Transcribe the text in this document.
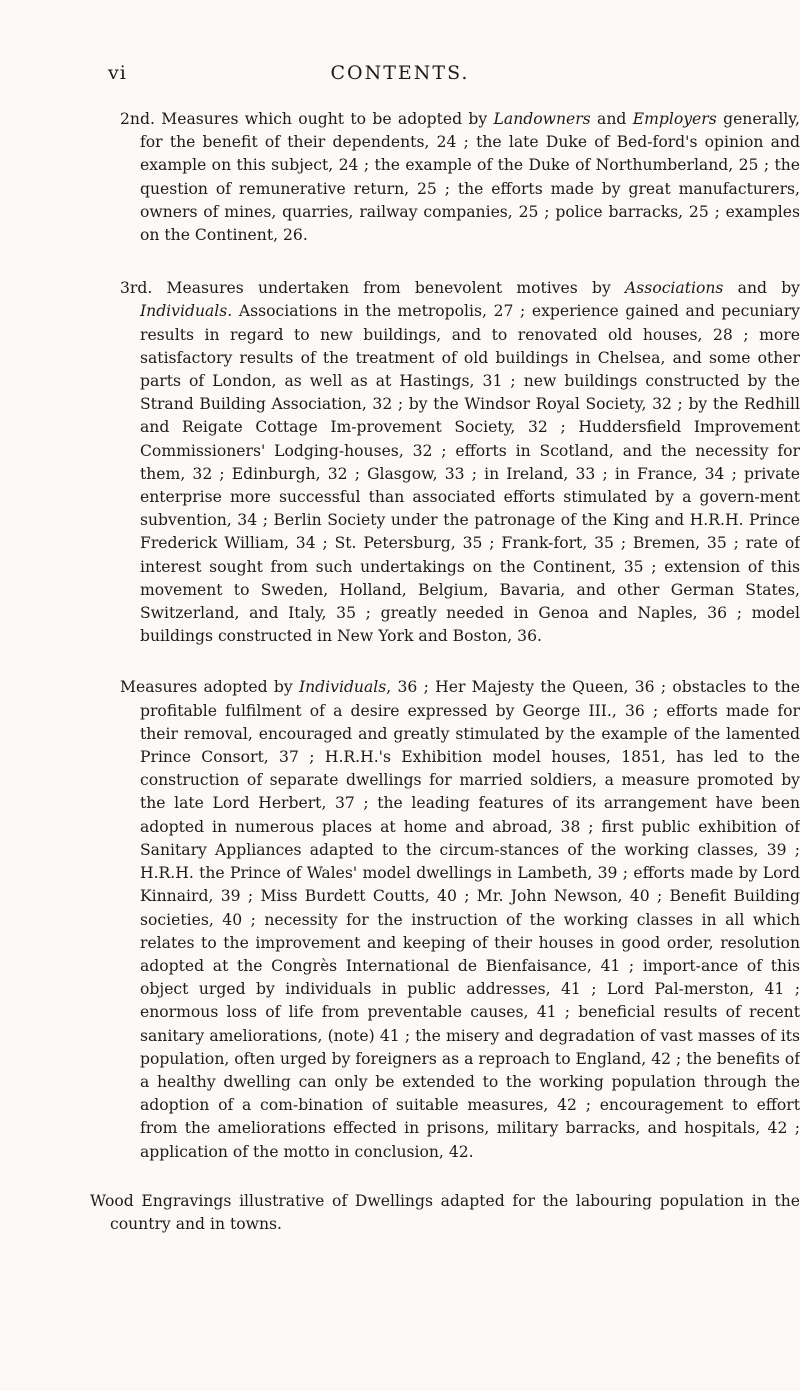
vi	CONTENTS.

2nd. Measures which ought to be adopted by Landowners and Employers generally, for the benefit of their dependents, 24 ; the late Duke of Bed-ford's opinion and example on this subject, 24 ; the example of the Duke of Northumberland, 25 ; the question of remunerative return, 25 ; the efforts made by great manufacturers, owners of mines, quarries, railway companies, 25 ; police barracks, 25 ; examples on the Continent, 26.

3rd. Measures undertaken from benevolent motives by Associations and by Individuals. Associations in the metropolis, 27 ; experience gained and pecuniary results in regard to new buildings, and to renovated old houses, 28 ; more satisfactory results of the treatment of old buildings in Chelsea, and some other parts of London, as well as at Hastings, 31 ; new buildings constructed by the Strand Building Association, 32 ; by the Windsor Royal Society, 32 ; by the Redhill and Reigate Cottage Im-provement Society, 32 ; Huddersfield Improvement Commissioners' Lodging-houses, 32 ; efforts in Scotland, and the necessity for them, 32 ; Edinburgh, 32 ; Glasgow, 33 ; in Ireland, 33 ; in France, 34 ; private enterprise more successful than associated efforts stimulated by a govern-ment subvention, 34 ; Berlin Society under the patronage of the King and H.R.H. Prince Frederick William, 34 ; St. Petersburg, 35 ; Frank-fort, 35 ; Bremen, 35 ; rate of interest sought from such undertakings on the Continent, 35 ; extension of this movement to Sweden, Holland, Belgium, Bavaria, and other German States, Switzerland, and Italy, 35 ; greatly needed in Genoa and Naples, 36 ; model buildings constructed in New York and Boston, 36.

Measures adopted by Individuals, 36 ; Her Majesty the Queen, 36 ; obstacles to the profitable fulfilment of a desire expressed by George III., 36 ; efforts made for their removal, encouraged and greatly stimulated by the example of the lamented Prince Consort, 37 ; H.R.H.'s Exhibition model houses, 1851, has led to the construction of separate dwellings for married soldiers, a measure promoted by the late Lord Herbert, 37 ; the leading features of its arrangement have been adopted in numerous places at home and abroad, 38 ; first public exhibition of Sanitary Appliances adapted to the circum-stances of the working classes, 39 ; H.R.H. the Prince of Wales' model dwellings in Lambeth, 39 ; efforts made by Lord Kinnaird, 39 ; Miss Burdett Coutts, 40 ; Mr. John Newson, 40 ; Benefit Building societies, 40 ; necessity for the instruction of the working classes in all which relates to the improvement and keeping of their houses in good order, resolution adopted at the Congrès International de Bienfaisance, 41 ; import-ance of this object urged by individuals in public addresses, 41 ; Lord Pal-merston, 41 ; enormous loss of life from preventable causes, 41 ; beneficial results of recent sanitary ameliorations, (note) 41 ; the misery and degradation of vast masses of its population, often urged by foreigners as a reproach to England, 42 ; the benefits of a healthy dwelling can only be extended to the working population through the adoption of a com-bination of suitable measures, 42 ; encouragement to effort from the ameliorations effected in prisons, military barracks, and hospitals, 42 ; application of the motto in conclusion, 42.

Wood Engravings illustrative of Dwellings adapted for the labouring population in the country and in towns.
